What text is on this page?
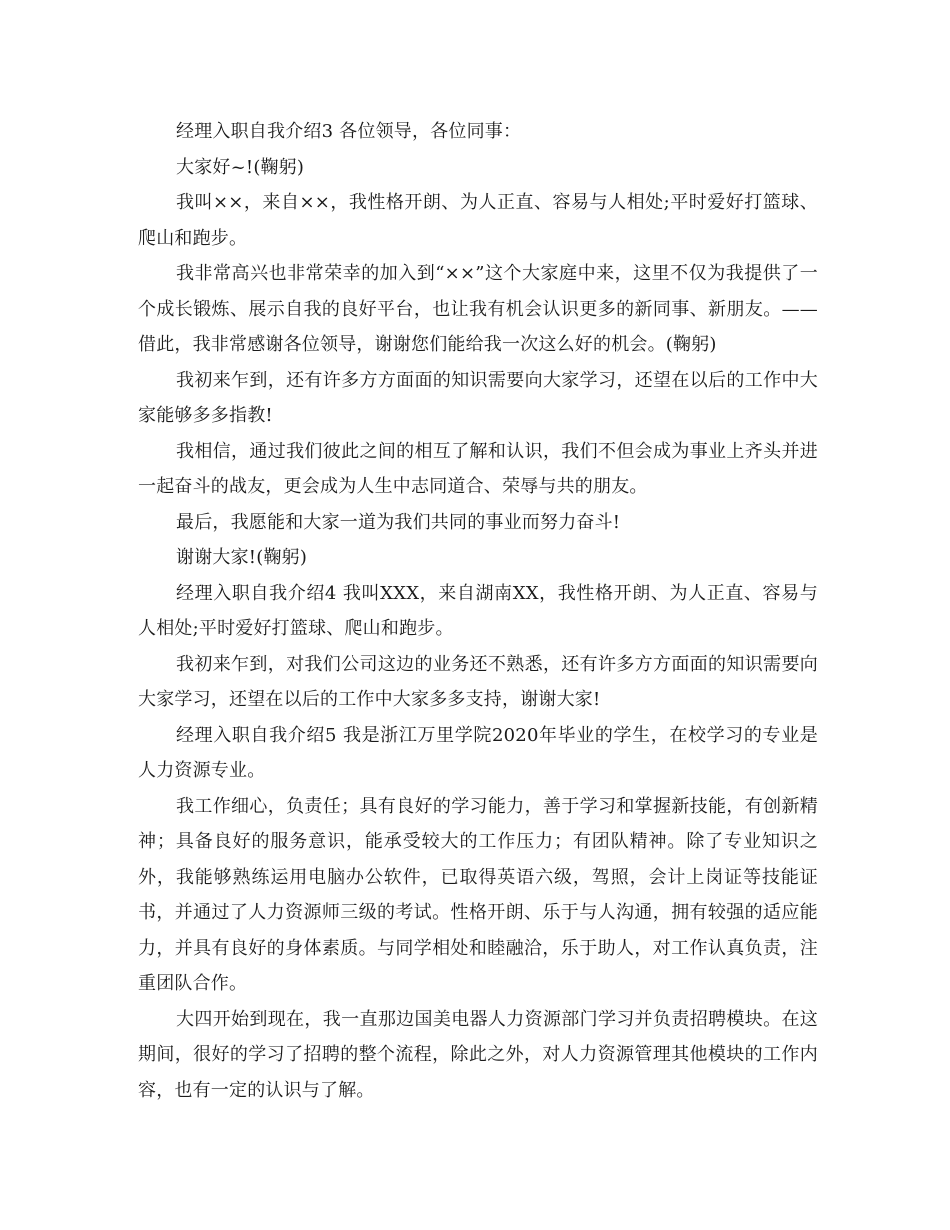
经理入职自我介绍3 各位领导，各位同事：

大家好~!(鞠躬)

我叫××，来自××，我性格开朗、为人正直、容易与人相处;平时爱好打篮球、爬山和跑步。

我非常高兴也非常荣幸的加入到“××”这个大家庭中来，这里不仅为我提供了一个成长锻炼、展示自我的良好平台，也让我有机会认识更多的新同事、新朋友。——借此，我非常感谢各位领导，谢谢您们能给我一次这么好的机会。(鞠躬)

我初来乍到，还有许多方方面面的知识需要向大家学习，还望在以后的工作中大家能够多多指教!

我相信，通过我们彼此之间的相互了解和认识，我们不但会成为事业上齐头并进一起奋斗的战友，更会成为人生中志同道合、荣辱与共的朋友。

最后，我愿能和大家一道为我们共同的事业而努力奋斗!

谢谢大家!(鞠躬)

经理入职自我介绍4 我叫XXX，来自湖南XX，我性格开朗、为人正直、容易与人相处;平时爱好打篮球、爬山和跑步。

我初来乍到，对我们公司这边的业务还不熟悉，还有许多方方面面的知识需要向大家学习，还望在以后的工作中大家多多支持，谢谢大家!

经理入职自我介绍5 我是浙江万里学院2020年毕业的学生，在校学习的专业是人力资源专业。

我工作细心，负责任；具有良好的学习能力，善于学习和掌握新技能，有创新精神；具备良好的服务意识，能承受较大的工作压力；有团队精神。除了专业知识之外，我能够熟练运用电脑办公软件，已取得英语六级，驾照，会计上岗证等技能证书，并通过了人力资源师三级的考试。性格开朗、乐于与人沟通，拥有较强的适应能力，并具有良好的身体素质。与同学相处和睦融洽，乐于助人，对工作认真负责，注重团队合作。

大四开始到现在，我一直那边国美电器人力资源部门学习并负责招聘模块。在这期间，很好的学习了招聘的整个流程，除此之外，对人力资源管理其他模块的工作内容，也有一定的认识与了解。
